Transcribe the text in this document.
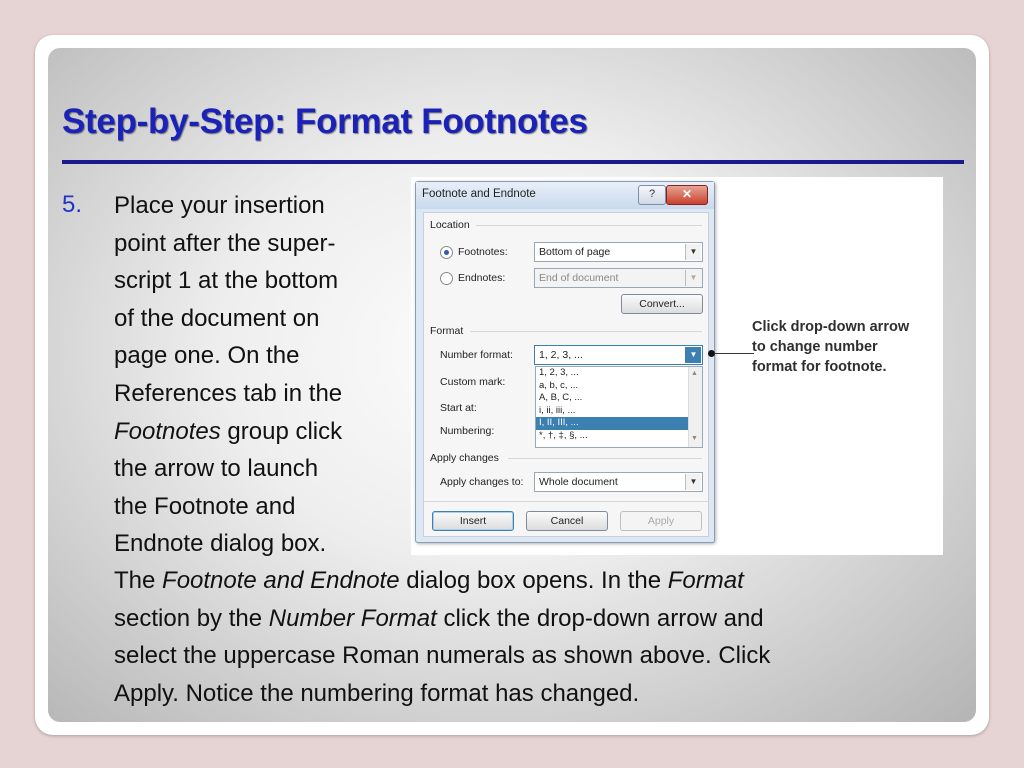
Step-by-Step: Format Footnotes
5. Place your insertion
point after the super-
script 1 at the bottom
of the document on
page one. On the
References tab in the
Footnotes group click
the arrow to launch
the Footnote and
Endnote dialog box.
The Footnote and Endnote dialog box opens. In the Format
section by the Number Format click the drop-down arrow and
select the uppercase Roman numerals as shown above. Click
Apply. Notice the numbering format has changed.
Footnote and Endnote	?	✕
Location
Footnotes:	Bottom of page	▼
Endnotes:	End of document	▼
Convert...
Format
Number format:	1, 2, 3, ...	▼
Custom mark:
Start at:
Numbering:
1, 2, 3, ...
a, b, c, ...
A, B, C, ...
i, ii, iii, ...
I, II, III, ...
*, †, ‡, §, ...
▲
▼
Apply changes
Apply changes to:	Whole document	▼
Insert	Cancel	Apply
Click drop-down arrow
to change number
format for footnote.
